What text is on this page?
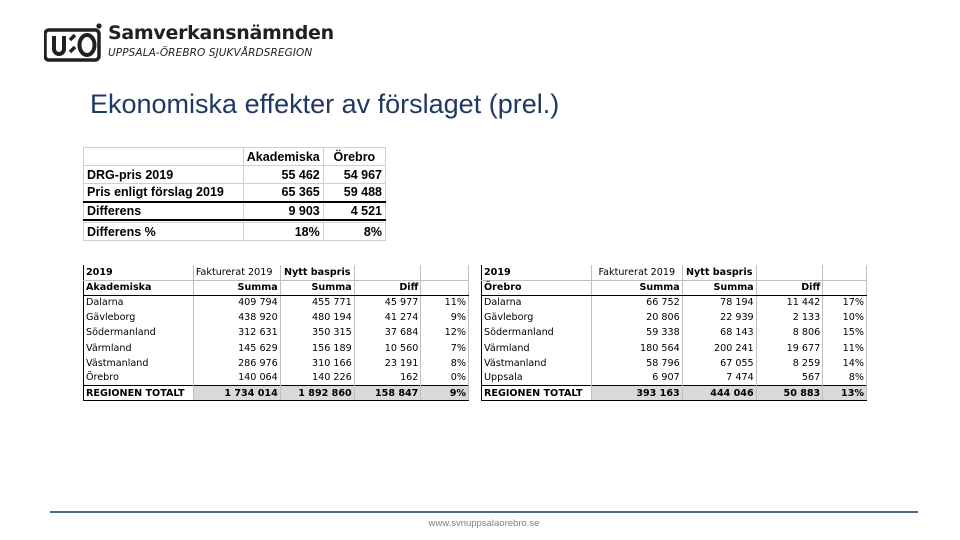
Samverkansnämnden
UPPSALA-ÖREBRO SJUKVÅRDSREGION
Ekonomiska effekter av förslaget (prel.)
	Akademiska	Örebro
DRG-pris 2019	55 462	54 967
Pris enligt förslag 2019	65 365	59 488
Differens	9 903	4 521

Differens %	18%	8%
2019	Fakturerat 2019	Nytt baspris		
Akademiska	Summa	Summa	Diff	
Dalarna	409 794	455 771	45 977	11%
Gävleborg	438 920	480 194	41 274	9%
Södermanland	312 631	350 315	37 684	12%
Värmland	145 629	156 189	10 560	7%
Västmanland	286 976	310 166	23 191	8%
Örebro	140 064	140 226	162	0%
REGIONEN TOTALT	1 734 014	1 892 860	158 847	9%
2019	Fakturerat 2019	Nytt baspris		
Örebro	Summa	Summa	Diff	
Dalarna	66 752	78 194	11 442	17%
Gävleborg	20 806	22 939	2 133	10%
Södermanland	59 338	68 143	8 806	15%
Värmland	180 564	200 241	19 677	11%
Västmanland	58 796	67 055	8 259	14%
Uppsala	6 907	7 474	567	8%
REGIONEN TOTALT	393 163	444 046	50 883	13%
www.svnuppsalaorebro.se
